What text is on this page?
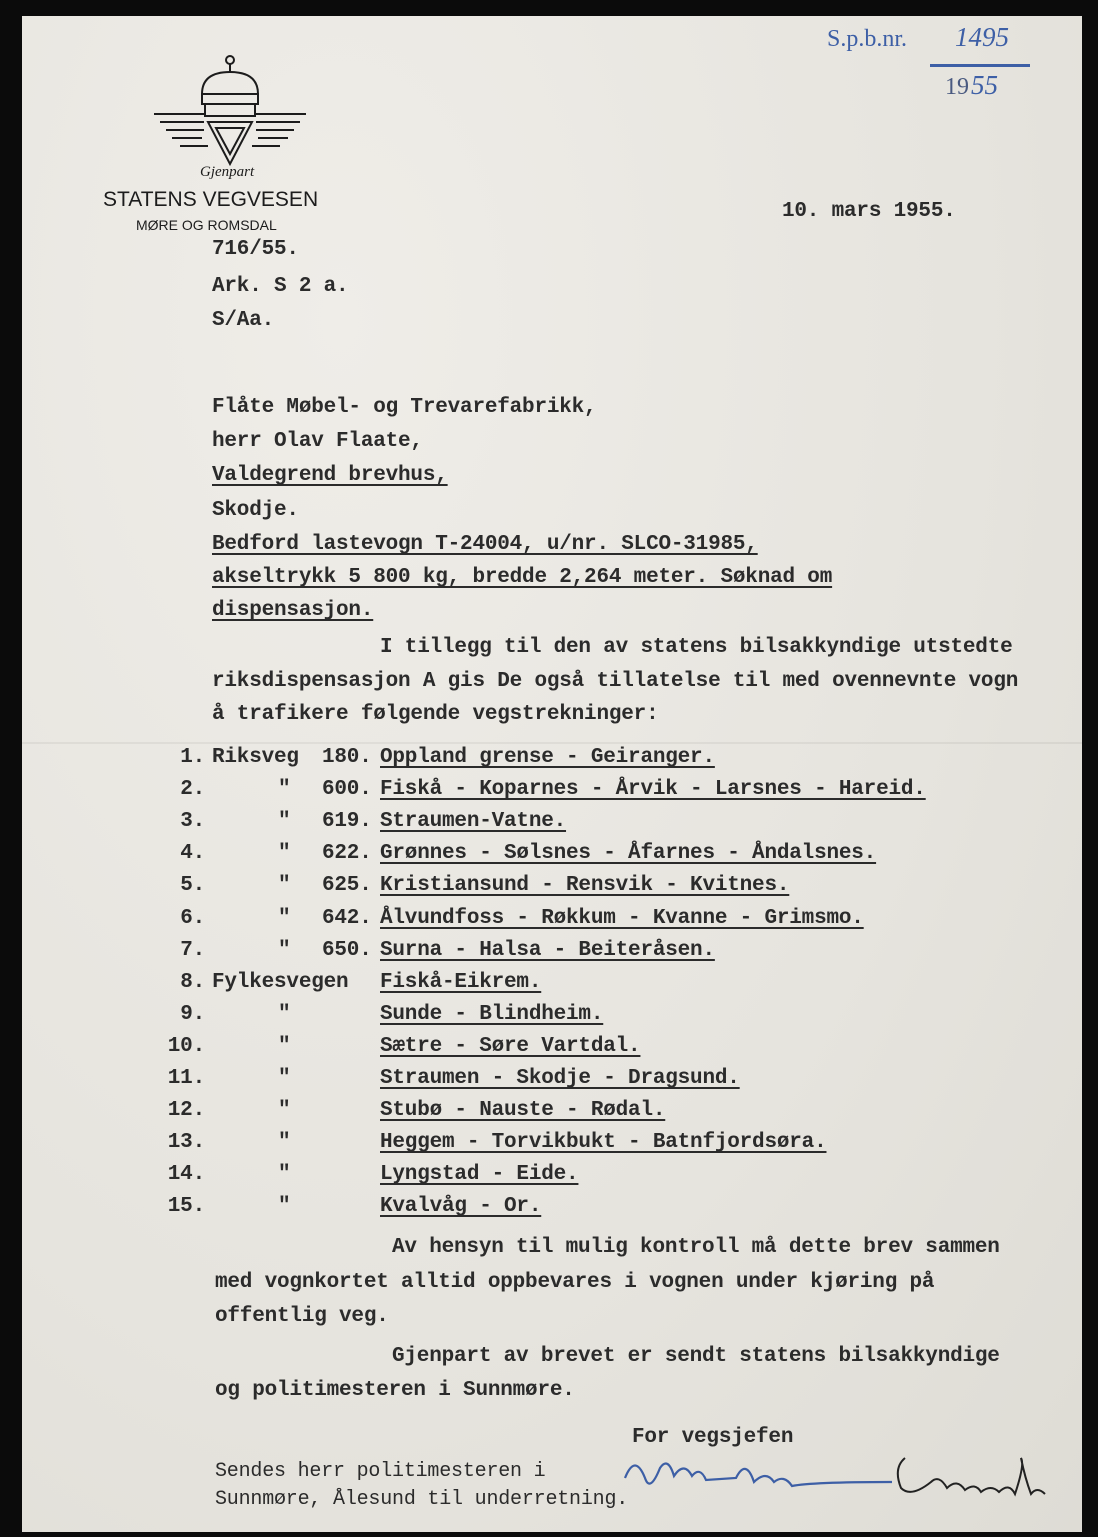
Gjenpart
STATENS VEGVESEN
MØRE OG ROMSDAL
S.p.b.nr. 1495
19 55
10. mars 1955.
716/55.
Ark. S 2 a.
S/Aa.
Flåte Møbel- og Trevarefabrikk,
herr Olav Flaate,
Valdegrend brevhus,
Skodje.
Bedford lastevogn T-24004, u/nr. SLCO-31985,
akseltrykk 5 800 kg, bredde 2,264 meter. Søknad om
dispensasjon.
I tillegg til den av statens bilsakkyndige utstedte
riksdispensasjon A gis De også tillatelse til med ovennevnte vogn
å trafikere følgende vegstrekninger:
1. Riksveg 180. Oppland grense - Geiranger.
2.	" 600. Fiskå - Koparnes - Årvik - Larsnes - Hareid.
3.	" 619. Straumen-Vatne.
4.	" 622. Grønnes - Sølsnes - Åfarnes - Åndalsnes.
5.	" 625. Kristiansund - Rensvik - Kvitnes.
6.	" 642. Ålvundfoss - Røkkum - Kvanne - Grimsmo.
7.	" 650. Surna - Halsa - Beiteråsen.
8. Fylkesvegen Fiskå-Eikrem.
9.	"	Sunde - Blindheim.
10.	"	Sætre - Søre Vartdal.
11.	"	Straumen - Skodje - Dragsund.
12.	"	Stubø - Nauste - Rødal.
13.	"	Heggem - Torvikbukt - Batnfjordsøra.
14.	"	Lyngstad - Eide.
15.	"	Kvalvåg - Or.
Av hensyn til mulig kontroll må dette brev sammen
med vognkortet alltid oppbevares i vognen under kjøring på
offentlig veg.
Gjenpart av brevet er sendt statens bilsakkyndige
og politimesteren i Sunnmøre.
For vegsjefen
Sendes herr politimesteren i
Sunnmøre, Ålesund til underretning.
